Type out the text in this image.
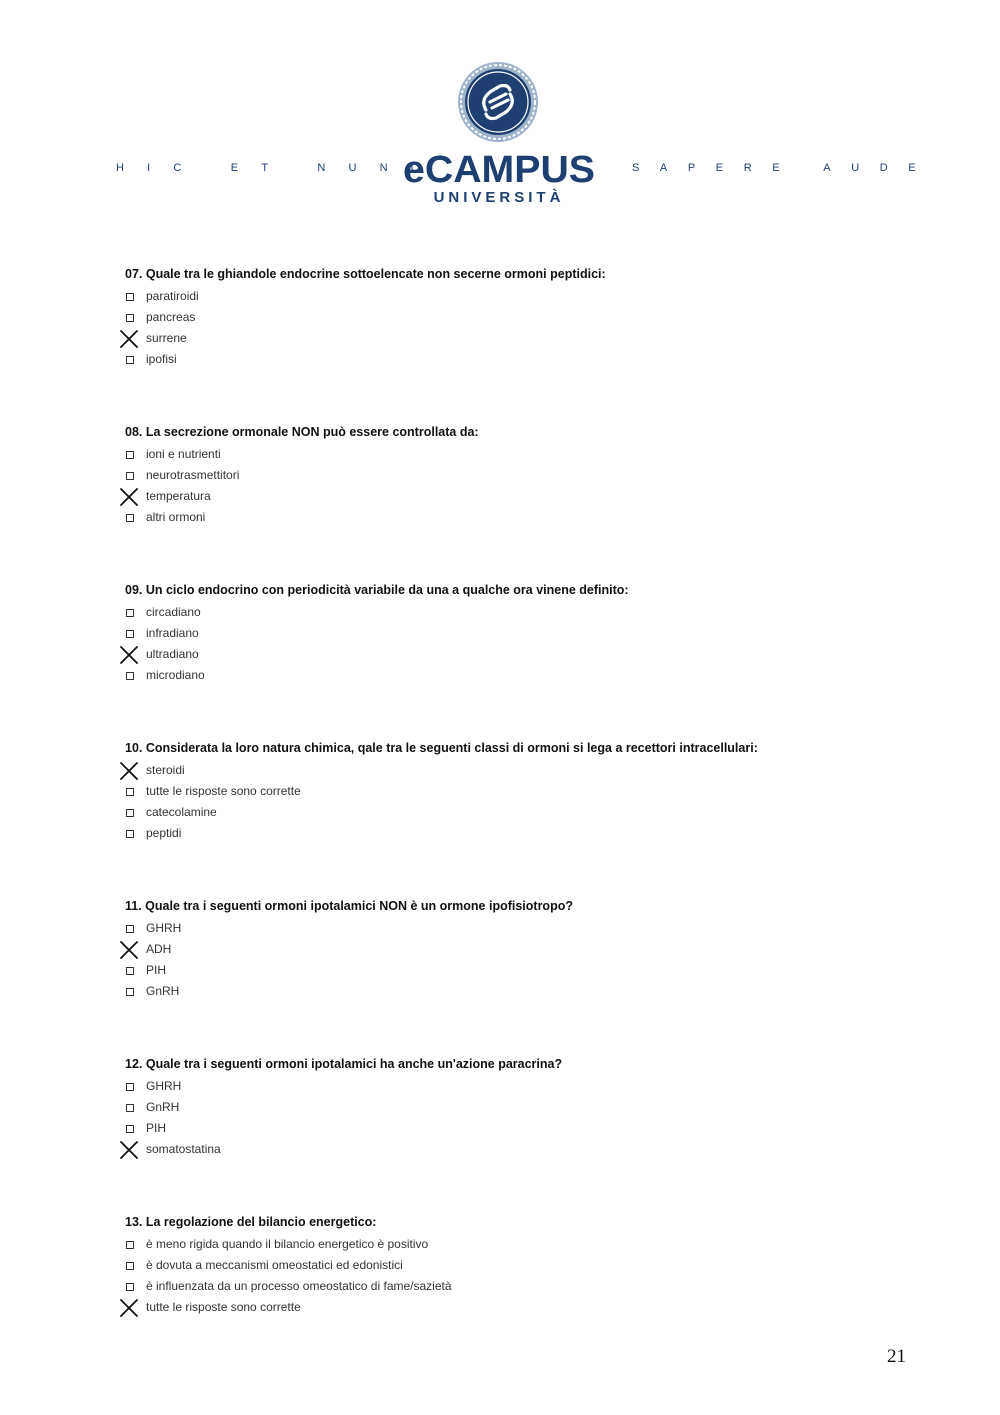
HIC ET NUNC	SAPERE AUDE
eCAMPUS
UNIVERSITÀ
07. Quale tra le ghiandole endocrine sottoelencate non secerne ormoni peptidici:
paratiroidi
pancreas
surrene
ipofisi
08. La secrezione ormonale NON può essere controllata da:
ioni e nutrienti
neurotrasmettitori
temperatura
altri ormoni
09. Un ciclo endocrino con periodicità variabile da una a qualche ora vinene definito:
circadiano
infradiano
ultradiano
microdiano
10. Considerata la loro natura chimica, qale tra le seguenti classi di ormoni si lega a recettori intracellulari:
steroidi
tutte le risposte sono corrette
catecolamine
peptidi
11. Quale tra i seguenti ormoni ipotalamici NON è un ormone ipofisiotropo?
GHRH
ADH
PIH
GnRH
12. Quale tra i seguenti ormoni ipotalamici ha anche un'azione paracrina?
GHRH
GnRH
PIH
somatostatina
13. La regolazione del bilancio energetico:
è meno rigida quando il bilancio energetico è positivo
è dovuta a meccanismi omeostatici ed edonistici
è influenzata da un processo omeostatico di fame/sazietà
tutte le risposte sono corrette
21
